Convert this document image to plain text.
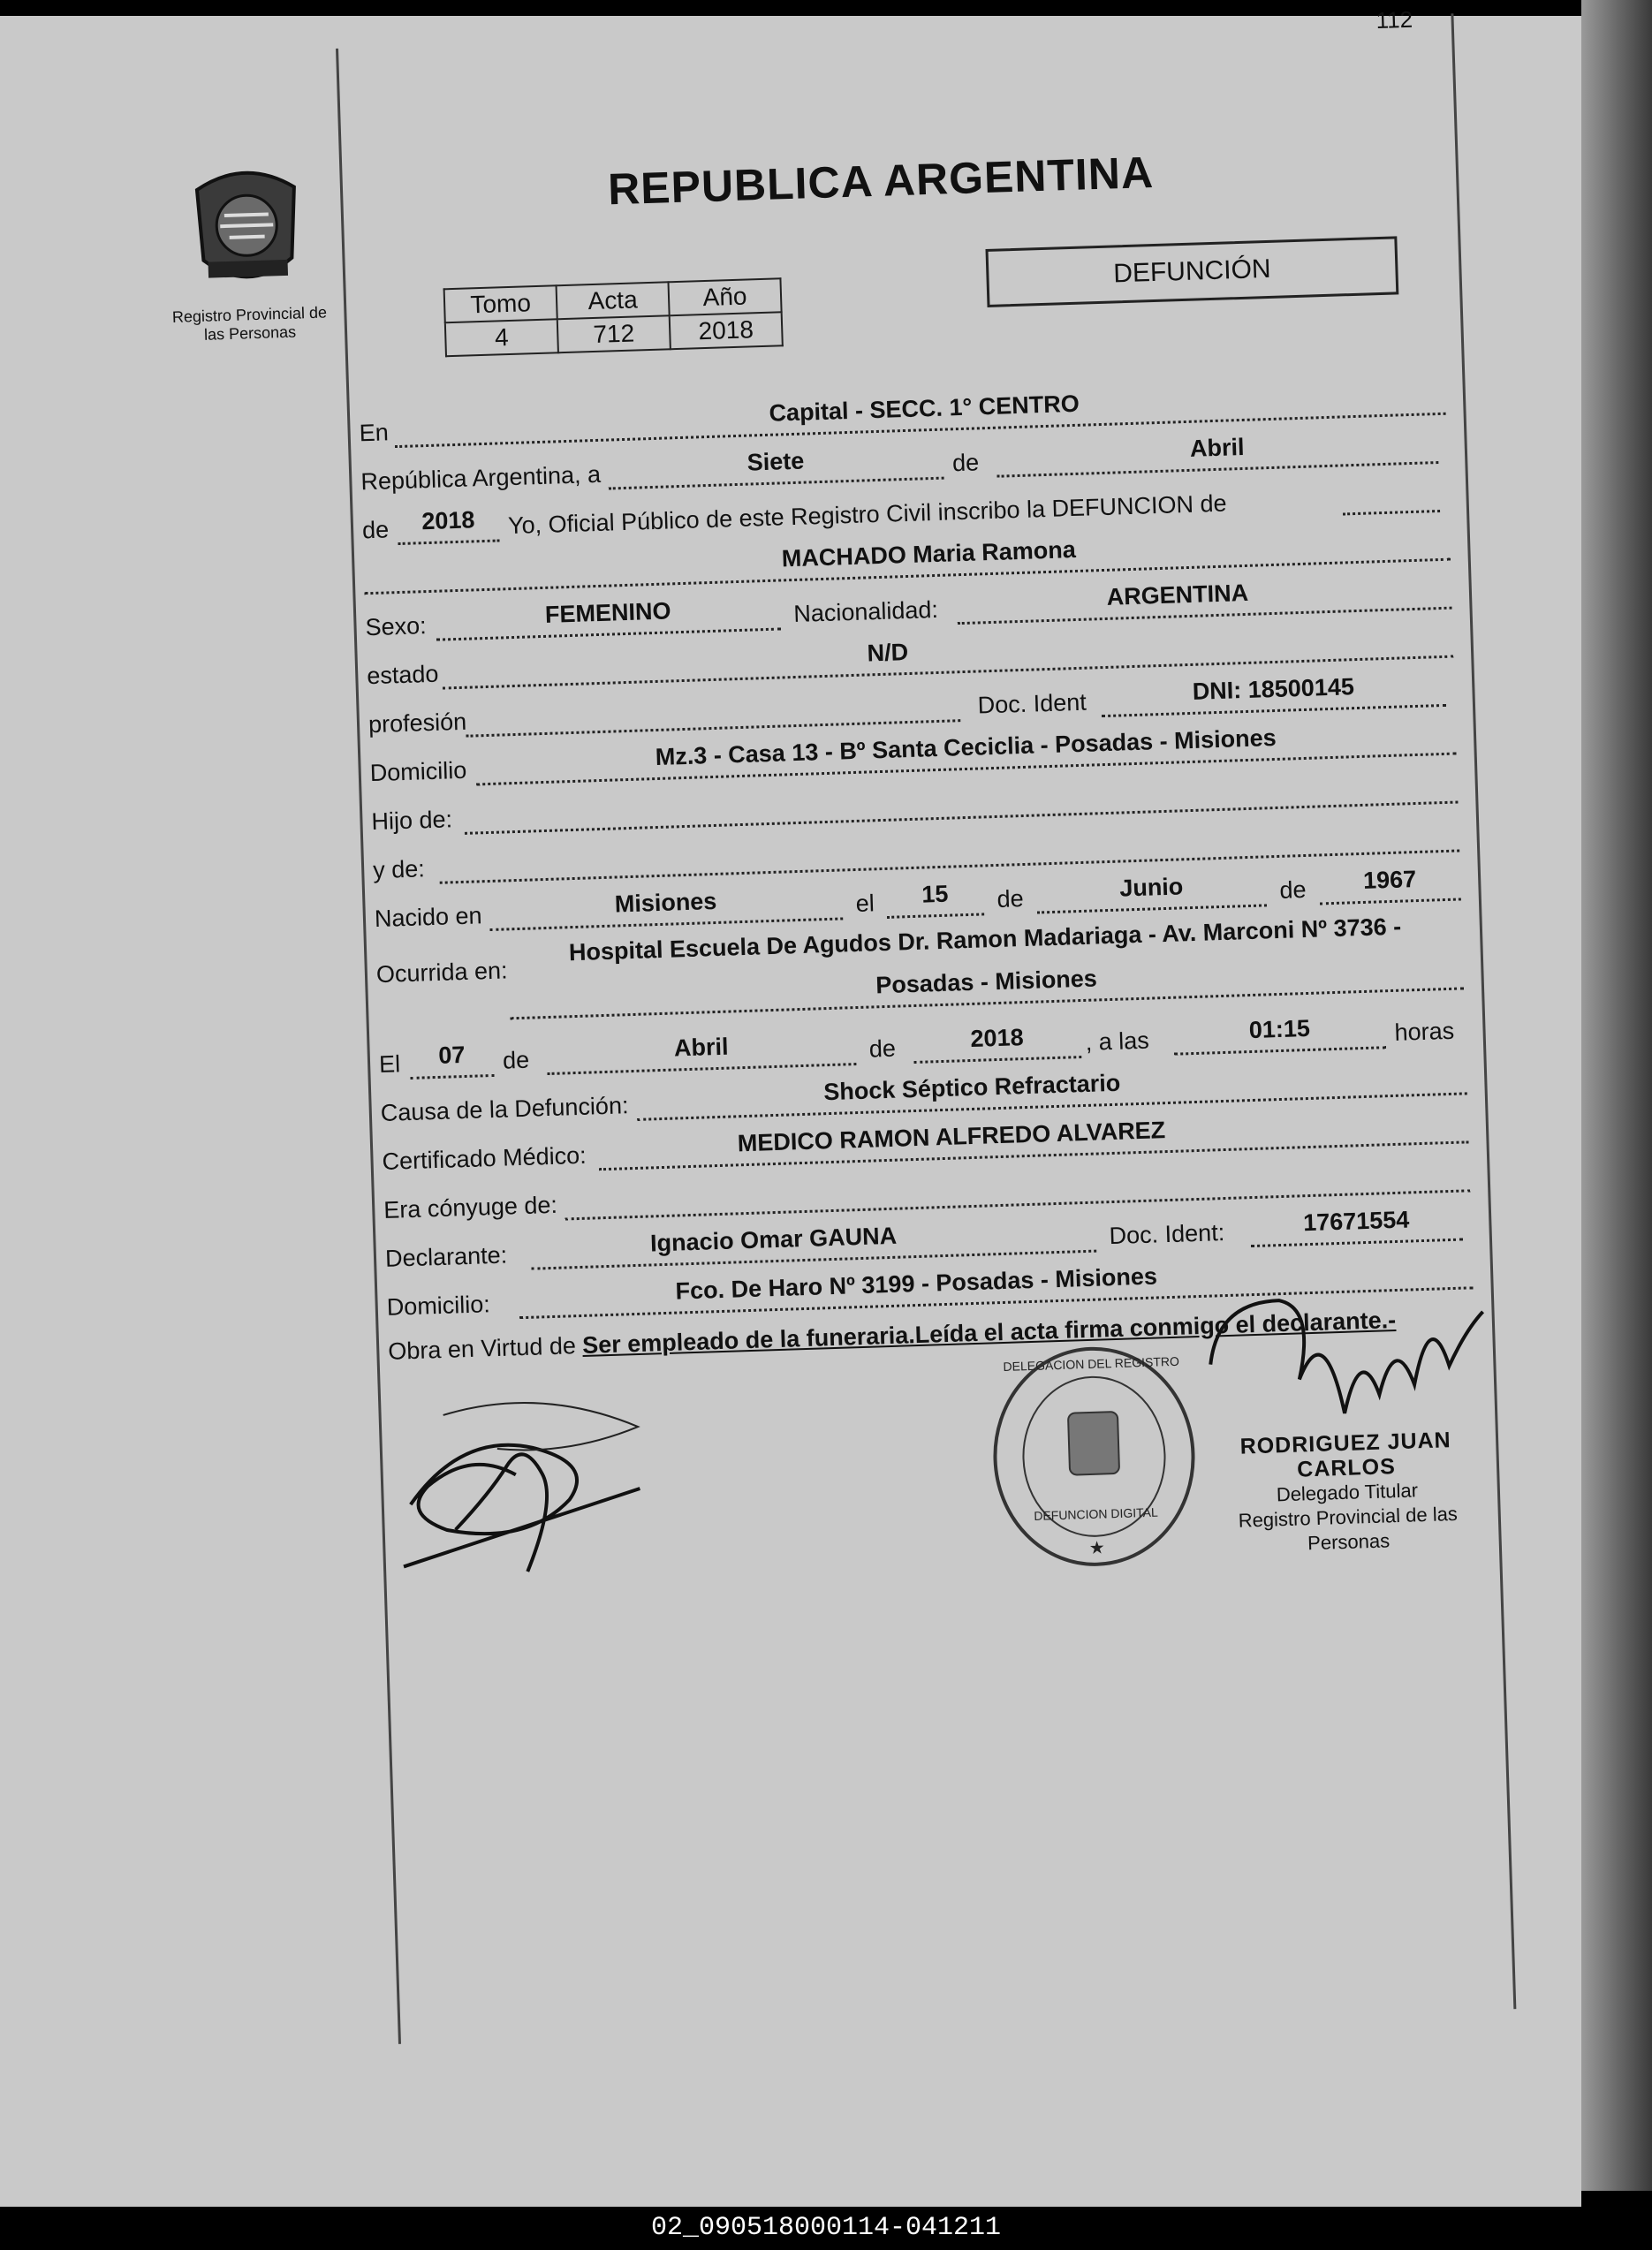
112
Registro Provincial de
las Personas
REPUBLICA ARGENTINA
Tomo	Acta	Año
4	712	2018
DEFUNCIÓN
En
Capital - SECC. 1° CENTRO
República Argentina, a	Siete	de
Abril
de	2018	Yo, Oficial Público de este Registro Civil inscribo la DEFUNCION de
MACHADO Maria Ramona
Sexo:	FEMENINO	Nacionalidad:
ARGENTINA
estado
N/D
profesión
Doc. Ident	DNI: 18500145
Domicilio
Mz.3 - Casa 13 - Bº Santa Ceciclia - Posadas - Misiones
Hijo de:
y de:
Nacido en	Misiones	el	15	de	Junio	de	1967
Hospital Escuela De Agudos Dr. Ramon Madariaga - Av. Marconi Nº 3736 -
Ocurrida en:	Posadas - Misiones
El	07	de	Abril	de	2018	, a las	01:15	horas
Causa de la Defunción:
Shock Séptico Refractario
Certificado Médico:
MEDICO RAMON ALFREDO ALVAREZ
Era cónyuge de:
Declarante:
Ignacio Omar GAUNA	Doc. Ident:	17671554
Domicilio:
Fco. De Haro Nº 3199 - Posadas - Misiones
Obra en Virtud de Ser empleado de la funeraria.Leída el acta firma conmigo el declarante.-
DELEGACION DEL REGISTRO
DEFUNCION DIGITAL
★
RODRIGUEZ JUAN CARLOS
Delegado Titular
Registro Provincial de las Personas
02_090518000114-041211
